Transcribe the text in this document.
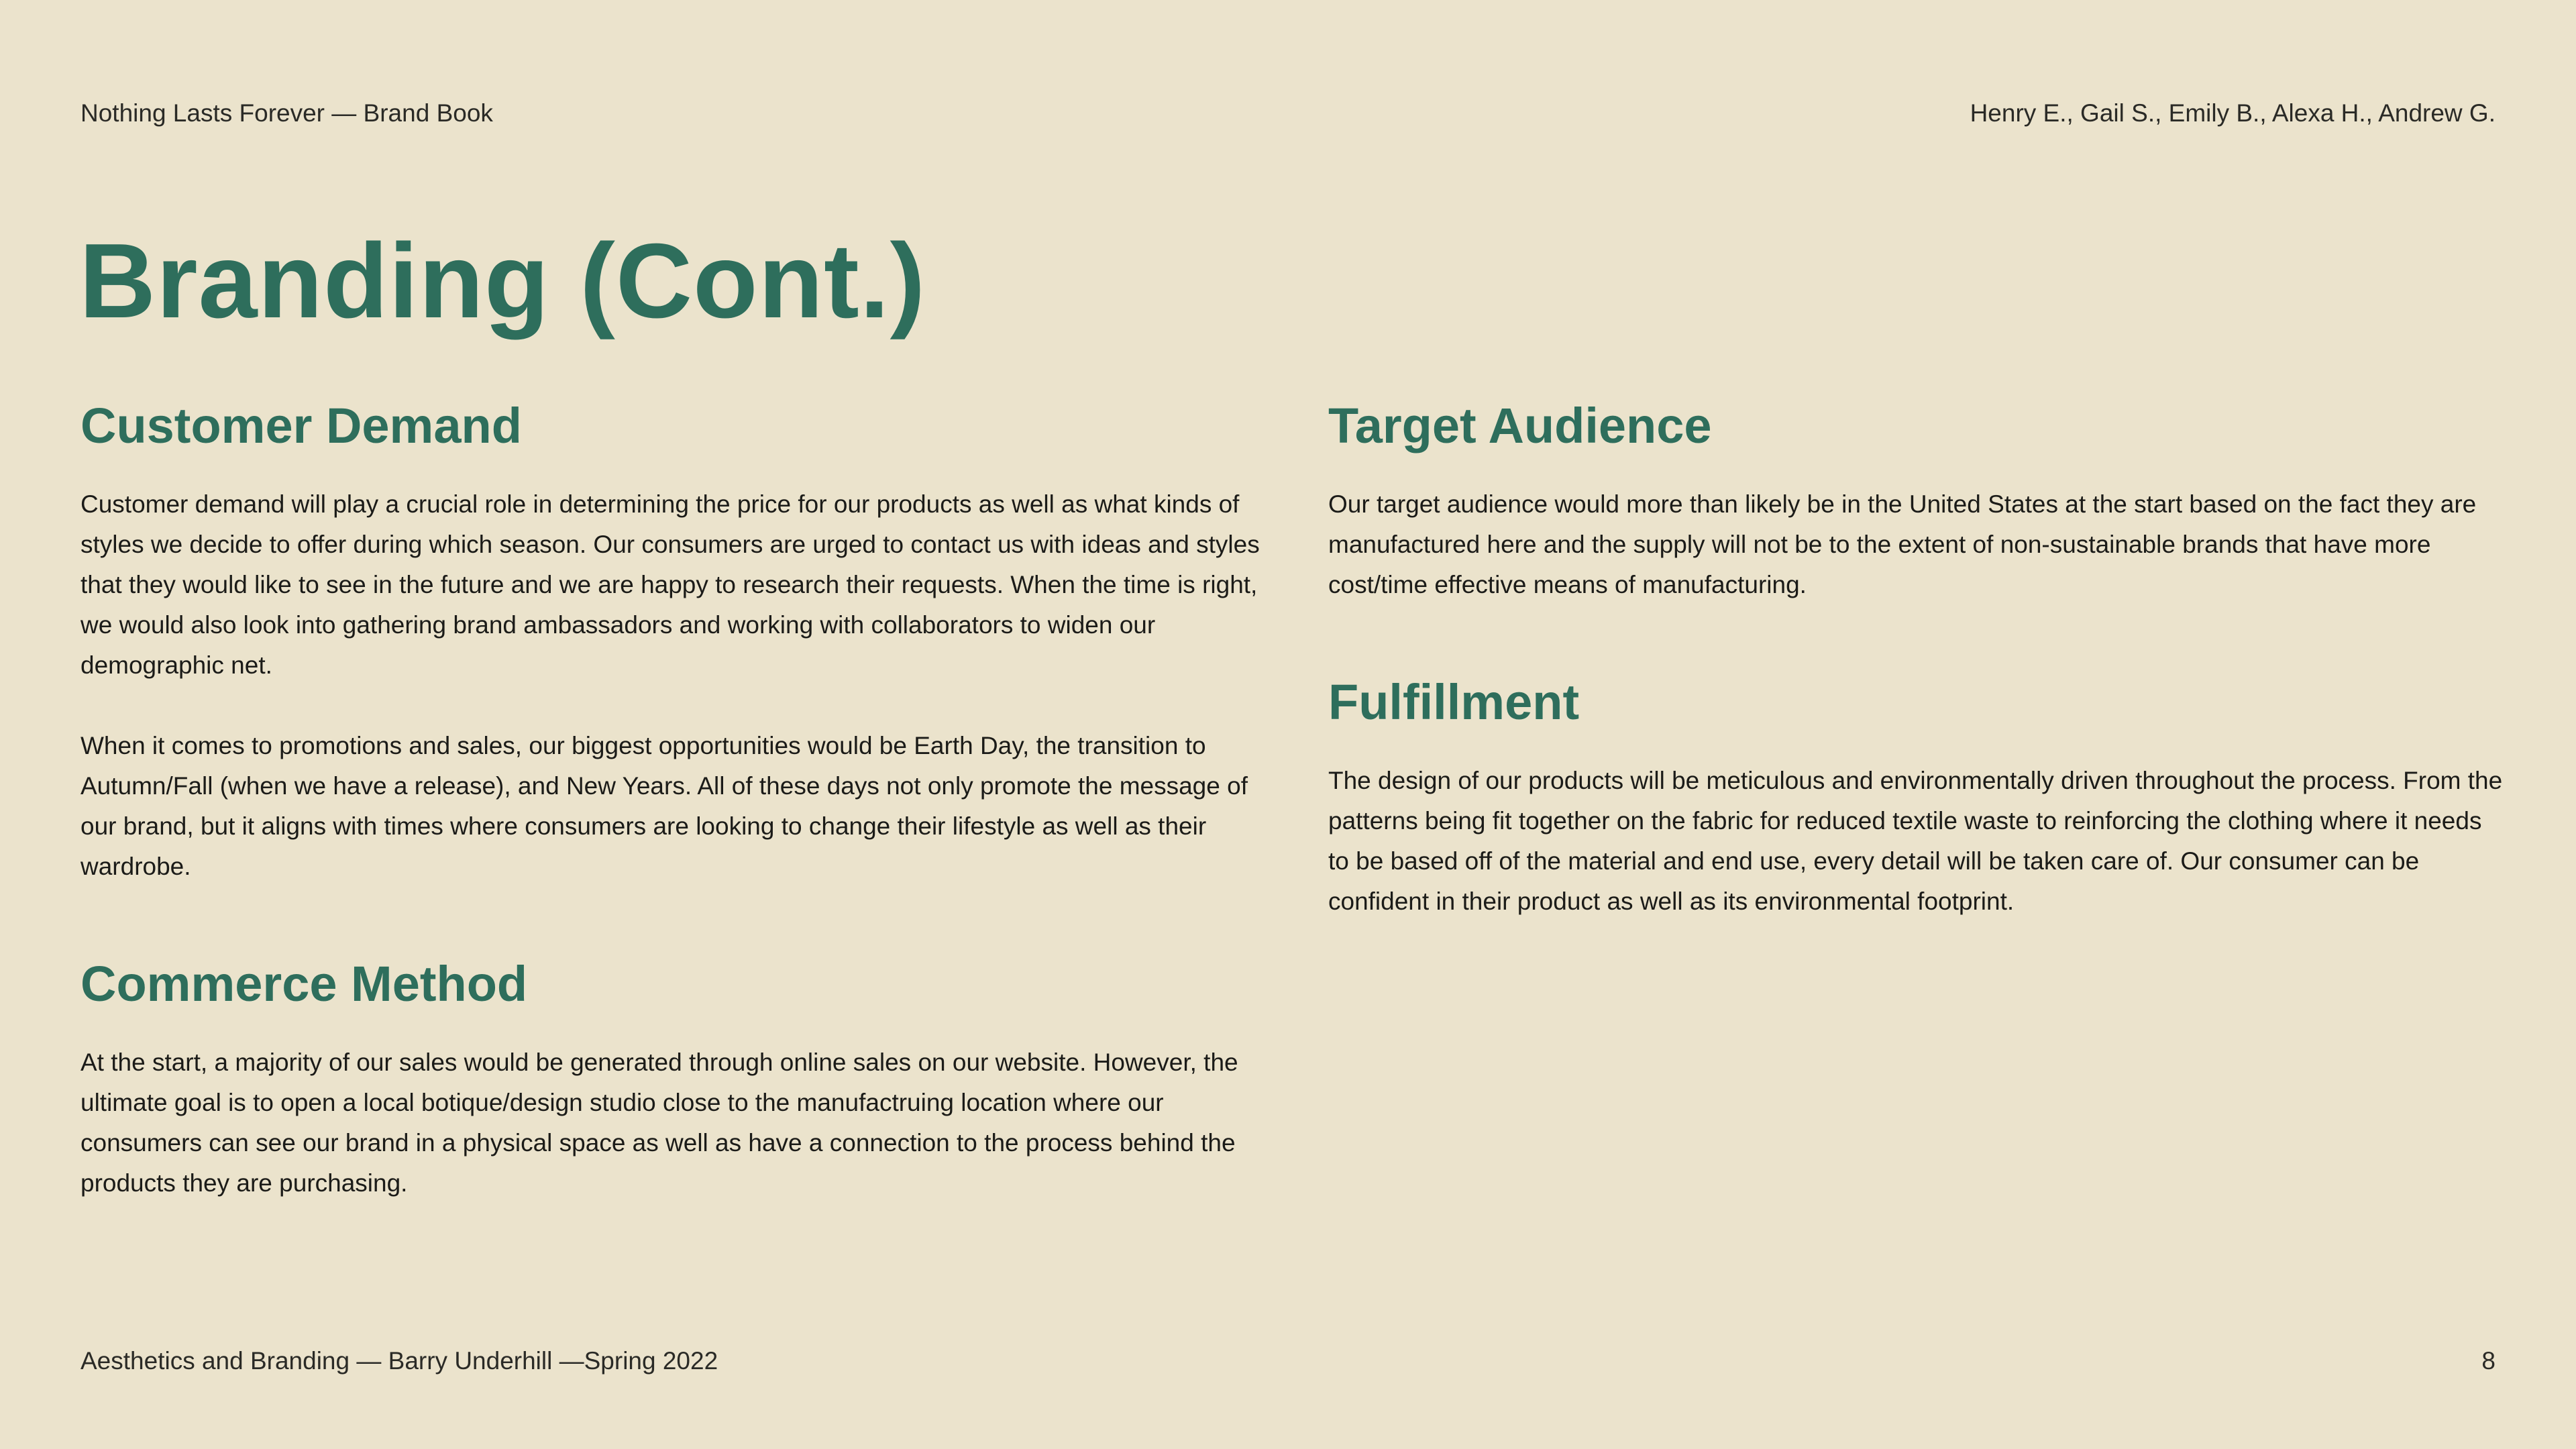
Nothing Lasts Forever — Brand Book	Henry E., Gail S., Emily B., Alexa H., Andrew G.
Branding (Cont.)
Customer Demand

Customer demand will play a crucial role in determining the price for our products as well as what kinds of styles we decide to offer during which season. Our consumers are urged to contact us with ideas and styles that they would like to see in the future and we are happy to research their requests. When the time is right, we would also look into gathering brand ambassadors and working with collaborators to widen our demographic net.

When it comes to promotions and sales, our biggest opportunities would be Earth Day, the transition to Autumn/Fall (when we have a release), and New Years. All of these days not only promote the message of our brand, but it aligns with times where consumers are looking to change their lifestyle as well as their wardrobe.

Commerce Method

At the start, a majority of our sales would be generated through online sales on our website. However, the ultimate goal is to open a local botique/design studio close to the manufactruing location where our consumers can see our brand in a physical space as well as have a connection to the process behind the products they are purchasing.

Target Audience

Our target audience would more than likely be in the United States at the start based on the fact they are manufactured here and the supply will not be to the extent of non-sustainable brands that have more cost/time effective means of manufacturing.

Fulfillment

The design of our products will be meticulous and environmentally driven throughout the process. From the patterns being fit together on the fabric for reduced textile waste to reinforcing the clothing where it needs to be based off of the material and end use, every detail will be taken care of. Our consumer can be confident in their product as well as its environmental footprint.

Aesthetics and Branding — Barry Underhill —Spring 2022	8
